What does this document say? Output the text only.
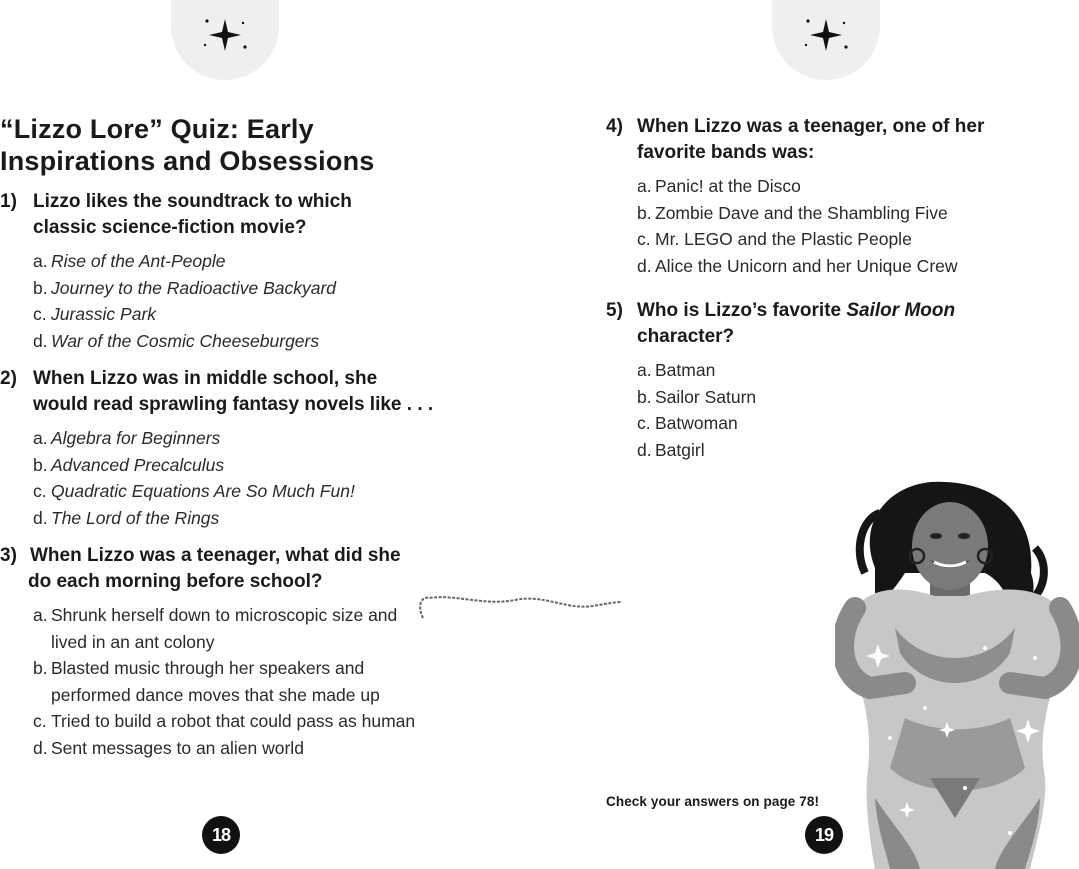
“Lizzo Lore” Quiz: Early
Inspirations and Obsessions
1) Lizzo likes the soundtrack to which
classic science-fiction movie?
a. Rise of the Ant-People
b. Journey to the Radioactive Backyard
c. Jurassic Park
d. War of the Cosmic Cheeseburgers
2) When Lizzo was in middle school, she
would read sprawling fantasy novels like . . .
a. Algebra for Beginners
b. Advanced Precalculus
c. Quadratic Equations Are So Much Fun!
d. The Lord of the Rings
3) When Lizzo was a teenager, what did she
do each morning before school?
a. Shrunk herself down to microscopic size and
lived in an ant colony
b. Blasted music through her speakers and
performed dance moves that she made up
c. Tried to build a robot that could pass as human
d. Sent messages to an alien world
18
4) When Lizzo was a teenager, one of her
favorite bands was:
a. Panic! at the Disco
b. Zombie Dave and the Shambling Five
c. Mr. LEGO and the Plastic People
d. Alice the Unicorn and her Unique Crew
5) Who is Lizzo’s favorite Sailor Moon
character?
a. Batman
b. Sailor Saturn
c. Batwoman
d. Batgirl
Check your answers on page 78!
19
